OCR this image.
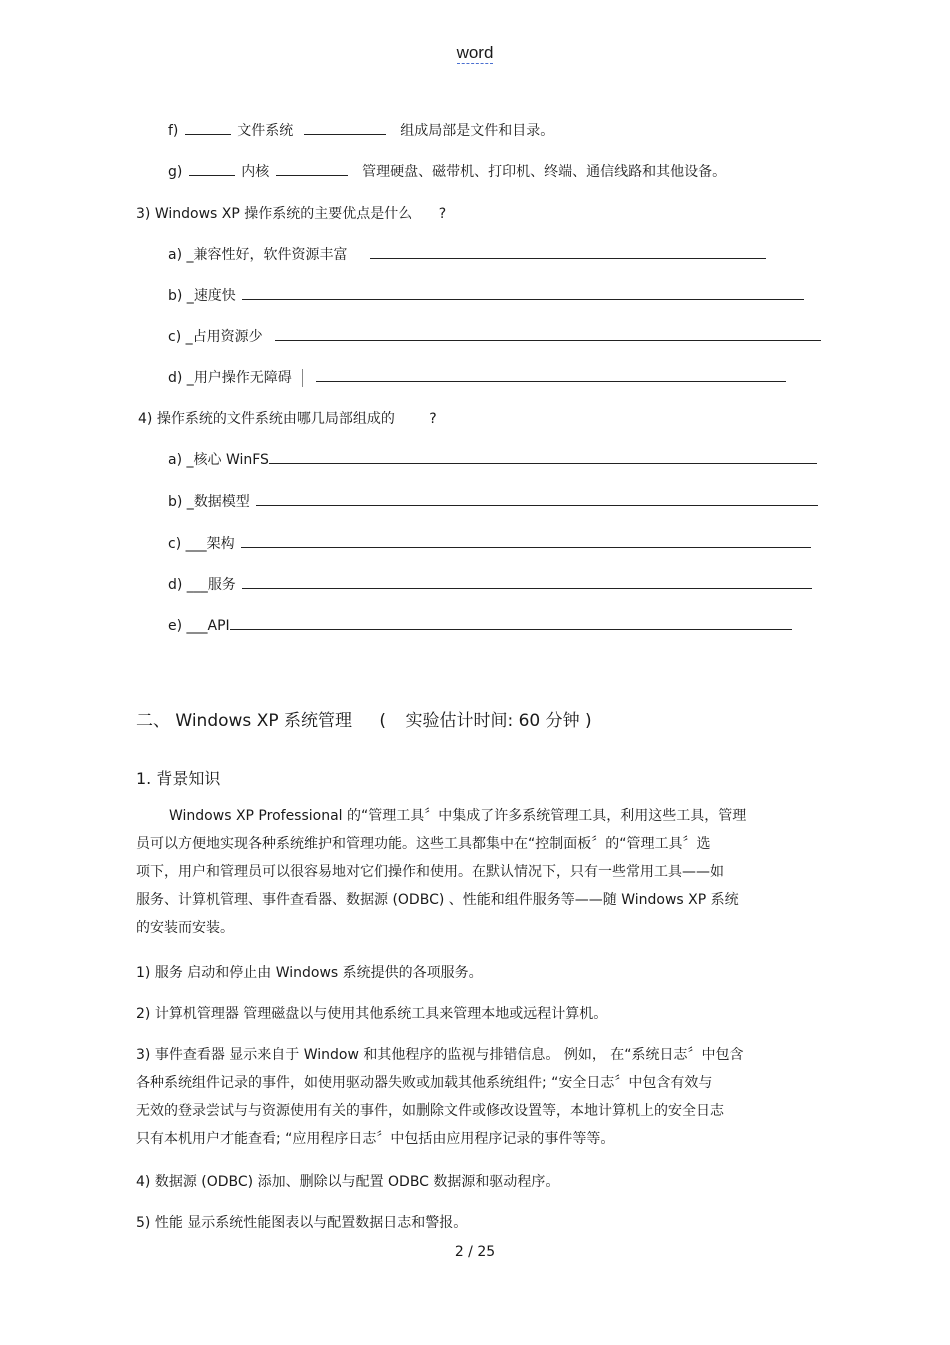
word
f)	文件系统	组成局部是文件和目录。
g)	内核	管理硬盘、磁带机、打印机、终端、通信线路和其他设备。
3) Windows XP 操作系统的主要优点是什么 ?
a) _兼容性好，软件资源丰富
b) _速度快
c) _占用资源少
d) _用户操作无障碍
4) 操作系统的文件系统由哪几局部组成的 ?
a) _核心 WinFS
b) _数据模型
c) ___架构
d) ___服务
e) ___API
二、 Windows XP 系统管理 ( 实验估计时间: 60 分钟 )
1. 背景知识
Windows XP Professional 的“管理工具〞中集成了许多系统管理工具，利用这些工具，管理
员可以方便地实现各种系统维护和管理功能。这些工具都集中在“控制面板〞的“管理工具〞选
项下，用户和管理员可以很容易地对它们操作和使用。在默认情况下，只有一些常用工具——如
服务、计算机管理、事件查看器、数据源 (ODBC) 、性能和组件服务等——随 Windows XP 系统
的安装而安装。
1) 服务 启动和停止由 Windows 系统提供的各项服务。
2) 计算机管理器 管理磁盘以与使用其他系统工具来管理本地或远程计算机。
3) 事件查看器 显示来自于 Window 和其他程序的监视与排错信息。 例如， 在“系统日志〞中包含
各种系统组件记录的事件，如使用驱动器失败或加载其他系统组件; “安全日志〞中包含有效与
无效的登录尝试与与资源使用有关的事件，如删除文件或修改设置等，本地计算机上的安全日志
只有本机用户才能查看; “应用程序日志〞中包括由应用程序记录的事件等等。
4) 数据源 (ODBC) 添加、删除以与配置 ODBC 数据源和驱动程序。
5) 性能 显示系统性能图表以与配置数据日志和警报。
2 / 25
